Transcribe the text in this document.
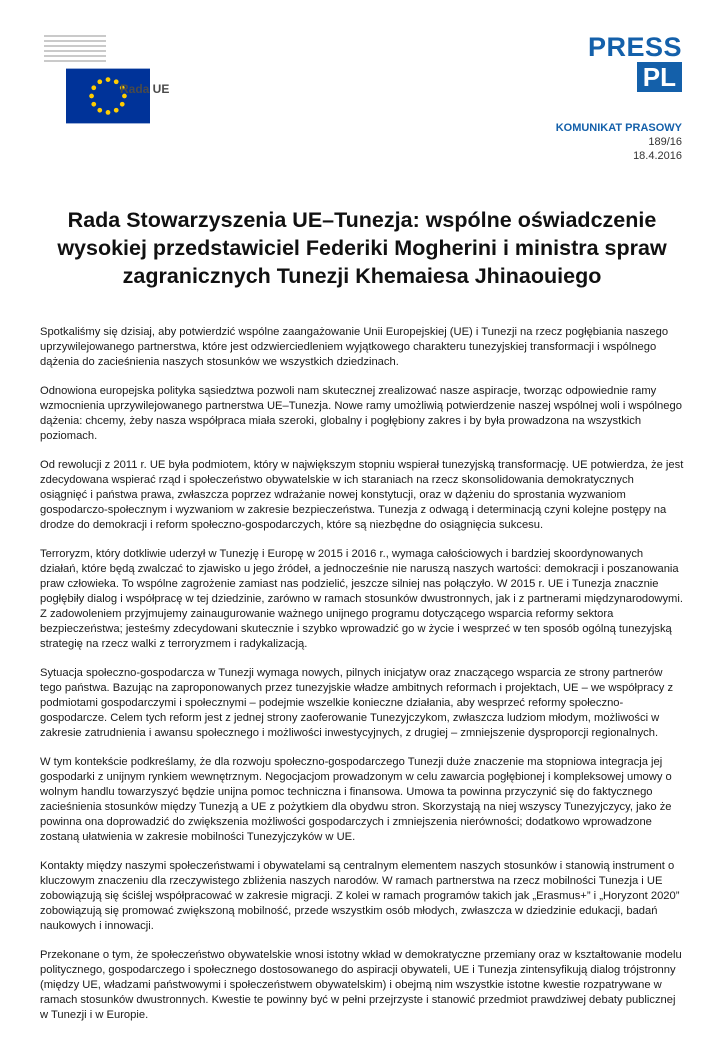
Rada UE
PRESS
PL
KOMUNIKAT PRASOWY
189/16
18.4.2016
Rada Stowarzyszenia UE–Tunezja: wspólne oświadczenie wysokiej przedstawiciel Federiki Mogherini i ministra spraw zagranicznych Tunezji Khemaiesa Jhinaouiego

Spotkaliśmy się dzisiaj, aby potwierdzić wspólne zaangażowanie Unii Europejskiej (UE) i Tunezji na rzecz pogłębiania naszego uprzywilejowanego partnerstwa, które jest odzwierciedleniem wyjątkowego charakteru tunezyjskiej transformacji i wspólnego dążenia do zacieśnienia naszych stosunków we wszystkich dziedzinach.

Odnowiona europejska polityka sąsiedztwa pozwoli nam skutecznej zrealizować nasze aspiracje, tworząc odpowiednie ramy wzmocnienia uprzywilejowanego partnerstwa UE–Tunezja. Nowe ramy umożliwią potwierdzenie naszej wspólnej woli i wspólnego dążenia: chcemy, żeby nasza współpraca miała szeroki, globalny i pogłębiony zakres i by była prowadzona na wszystkich poziomach.

Od rewolucji z 2011 r. UE była podmiotem, który w największym stopniu wspierał tunezyjską transformację. UE potwierdza, że jest zdecydowana wspierać rząd i społeczeństwo obywatelskie w ich staraniach na rzecz skonsolidowania demokratycznych osiągnięć i państwa prawa, zwłaszcza poprzez wdrażanie nowej konstytucji, oraz w dążeniu do sprostania wyzwaniom gospodarczo-społecznym i wyzwaniom w zakresie bezpieczeństwa. Tunezja z odwagą i determinacją czyni kolejne postępy na drodze do demokracji i reform społeczno-gospodarczych, które są niezbędne do osiągnięcia sukcesu.

Terroryzm, który dotkliwie uderzył w Tunezję i Europę w 2015 i 2016 r., wymaga całościowych i bardziej skoordynowanych działań, które będą zwalczać to zjawisko u jego źródeł, a jednocześnie nie naruszą naszych wartości: demokracji i poszanowania praw człowieka. To wspólne zagrożenie zamiast nas podzielić, jeszcze silniej nas połączyło. W 2015 r. UE i Tunezja znacznie pogłębiły dialog i współpracę w tej dziedzinie, zarówno w ramach stosunków dwustronnych, jak i z partnerami międzynarodowymi. Z zadowoleniem przyjmujemy zainaugurowanie ważnego unijnego programu dotyczącego wsparcia reformy sektora bezpieczeństwa; jesteśmy zdecydowani skutecznie i szybko wprowadzić go w życie i wesprzeć w ten sposób ogólną tunezyjską strategię na rzecz walki z terroryzmem i radykalizacją.

Sytuacja społeczno-gospodarcza w Tunezji wymaga nowych, pilnych inicjatyw oraz znaczącego wsparcia ze strony partnerów tego państwa. Bazując na zaproponowanych przez tunezyjskie władze ambitnych reformach i projektach, UE – we współpracy z podmiotami gospodarczymi i społecznymi – podejmie wszelkie konieczne działania, aby wesprzeć reformy społeczno-gospodarcze. Celem tych reform jest z jednej strony zaoferowanie Tunezyjczykom, zwłaszcza ludziom młodym, możliwości w zakresie zatrudnienia i awansu społecznego i możliwości inwestycyjnych, z drugiej – zmniejszenie dysproporcji regionalnych.

W tym kontekście podkreślamy, że dla rozwoju społeczno-gospodarczego Tunezji duże znaczenie ma stopniowa integracja jej gospodarki z unijnym rynkiem wewnętrznym. Negocjacjom prowadzonym w celu zawarcia pogłębionej i kompleksowej umowy o wolnym handlu towarzyszyć będzie unijna pomoc techniczna i finansowa. Umowa ta powinna przyczynić się do faktycznego zacieśnienia stosunków między Tunezją a UE z pożytkiem dla obydwu stron. Skorzystają na niej wszyscy Tunezyjczycy, jako że powinna ona doprowadzić do zwiększenia możliwości gospodarczych i zmniejszenia nierówności; dodatkowo wprowadzone zostaną ułatwienia w zakresie mobilności Tunezyjczyków w UE.

Kontakty między naszymi społeczeństwami i obywatelami są centralnym elementem naszych stosunków i stanowią instrument o kluczowym znaczeniu dla rzeczywistego zbliżenia naszych narodów. W ramach partnerstwa na rzecz mobilności Tunezja i UE zobowiązują się ściślej współpracować w zakresie migracji. Z kolei w ramach programów takich jak „Erasmus+” i „Horyzont 2020” zobowiązują się promować zwiększoną mobilność, przede wszystkim osób młodych, zwłaszcza w dziedzinie edukacji, badań naukowych i innowacji.

Przekonane o tym, że społeczeństwo obywatelskie wnosi istotny wkład w demokratyczne przemiany oraz w kształtowanie modelu politycznego, gospodarczego i społecznego dostosowanego do aspiracji obywateli, UE i Tunezja zintensyfikują dialog trójstronny (między UE, władzami państwowymi i społeczeństwem obywatelskim) i obejmą nim wszystkie istotne kwestie rozpatrywane w ramach stosunków dwustronnych. Kwestie te powinny być w pełni przejrzyste i stanowić przedmiot prawdziwej debaty publicznej w Tunezji i w Europie.
